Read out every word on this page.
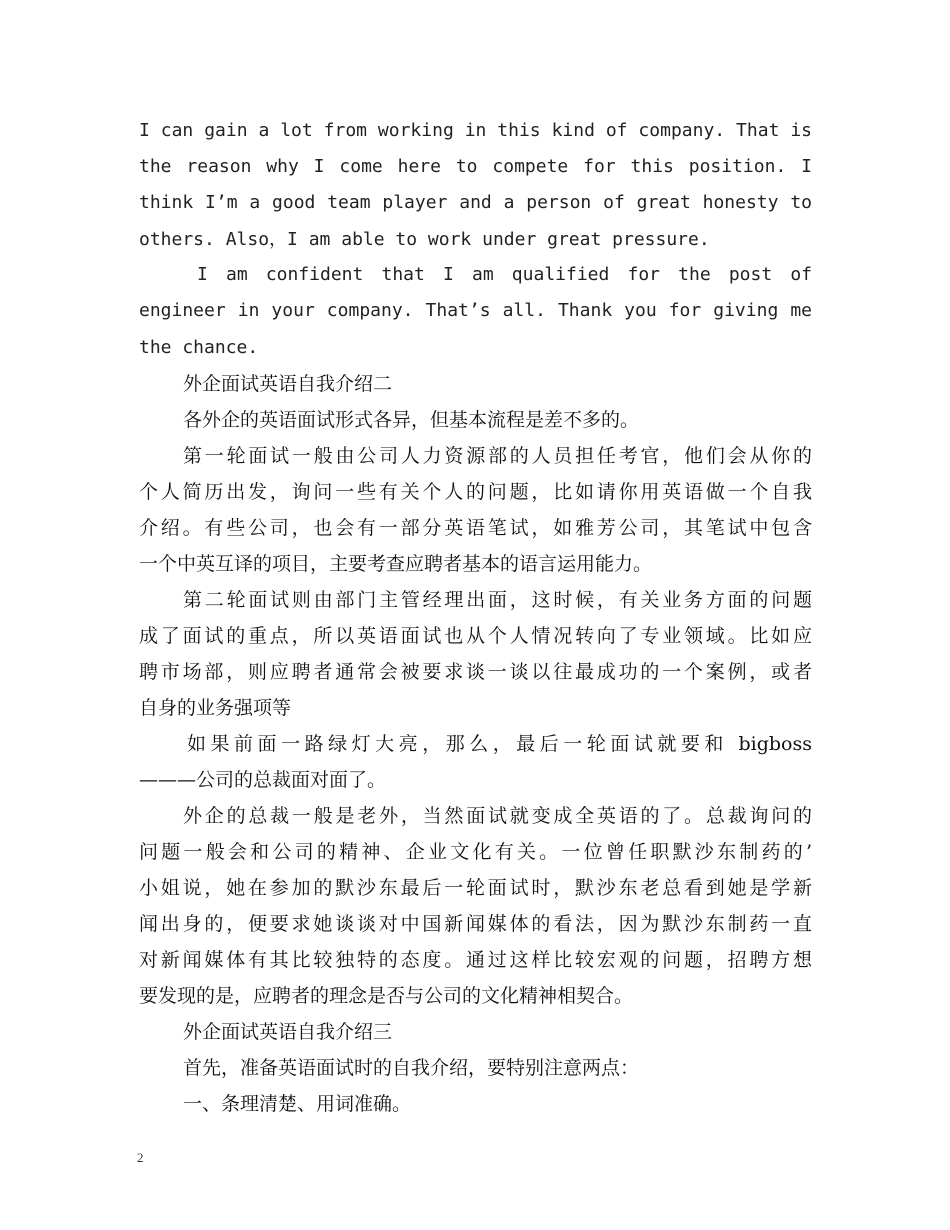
I can gain a lot from working in this kind of company. That is
the reason why I come here to compete for this position. I
think I’m a good team player and a person of great honesty to
others. Also，I am able to work under great pressure.
I am confident that I am qualified for the post of
engineer in your company. That’s all. Thank you for giving me
the chance.
外企面试英语自我介绍二
各外企的英语面试形式各异，但基本流程是差不多的。
第一轮面试一般由公司人力资源部的人员担任考官，他们会从你的
个人简历出发，询问一些有关个人的问题，比如请你用英语做一个自我
介绍。有些公司，也会有一部分英语笔试，如雅芳公司，其笔试中包含
一个中英互译的项目，主要考查应聘者基本的语言运用能力。
第二轮面试则由部门主管经理出面，这时候，有关业务方面的问题
成了面试的重点，所以英语面试也从个人情况转向了专业领域。比如应
聘市场部，则应聘者通常会被要求谈一谈以往最成功的一个案例，或者
自身的业务强项等
如果前面一路绿灯大亮，那么，最后一轮面试就要和 bigboss
———公司的总裁面对面了。
外企的总裁一般是老外，当然面试就变成全英语的了。总裁询问的
问题一般会和公司的精神、企业文化有关。一位曾任职默沙东制药的’
小姐说，她在参加的默沙东最后一轮面试时，默沙东老总看到她是学新
闻出身的，便要求她谈谈对中国新闻媒体的看法，因为默沙东制药一直
对新闻媒体有其比较独特的态度。通过这样比较宏观的问题，招聘方想
要发现的是，应聘者的理念是否与公司的文化精神相契合。
外企面试英语自我介绍三
首先，准备英语面试时的自我介绍，要特别注意两点：
一、条理清楚、用词准确。
2
